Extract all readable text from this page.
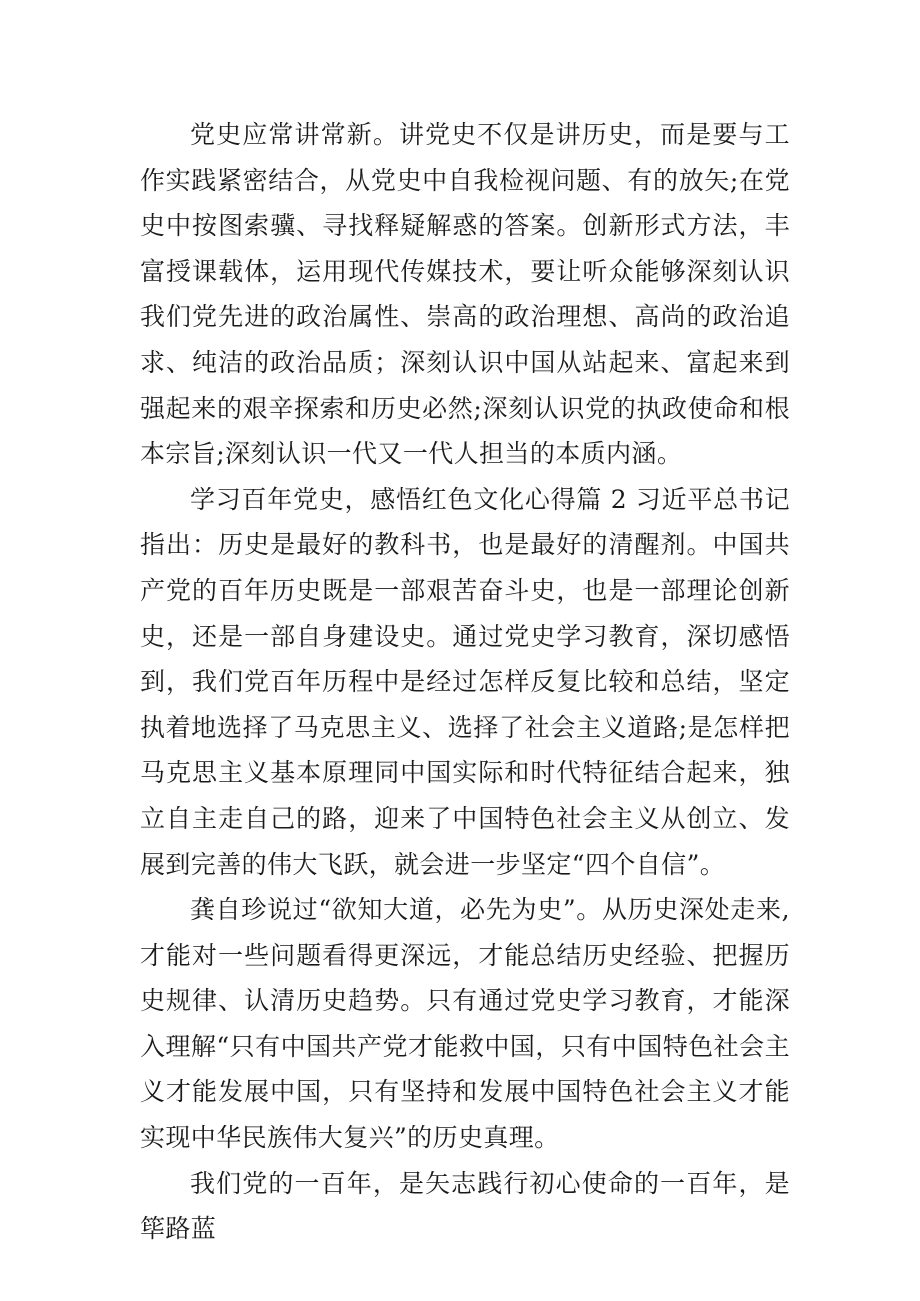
党史应常讲常新。讲党史不仅是讲历史，而是要与工作实践紧密结合，从党史中自我检视问题、有的放矢;在党史中按图索骥、寻找释疑解惑的答案。创新形式方法，丰富授课载体，运用现代传媒技术，要让听众能够深刻认识我们党先进的政治属性、崇高的政治理想、高尚的政治追求、纯洁的政治品质；深刻认识中国从站起来、富起来到强起来的艰辛探索和历史必然;深刻认识党的执政使命和根本宗旨;深刻认识一代又一代人担当的本质内涵。

学习百年党史，感悟红色文化心得篇 2 习近平总书记指出：历史是最好的教科书，也是最好的清醒剂。中国共产党的百年历史既是一部艰苦奋斗史，也是一部理论创新史，还是一部自身建设史。通过党史学习教育，深切感悟到，我们党百年历程中是经过怎样反复比较和总结，坚定执着地选择了马克思主义、选择了社会主义道路;是怎样把马克思主义基本原理同中国实际和时代特征结合起来，独立自主走自己的路，迎来了中国特色社会主义从创立、发展到完善的伟大飞跃，就会进一步坚定“四个自信”。

龚自珍说过“欲知大道，必先为史”。从历史深处走来,才能对一些问题看得更深远，才能总结历史经验、把握历史规律、认清历史趋势。只有通过党史学习教育，才能深入理解“只有中国共产党才能救中国，只有中国特色社会主义才能发展中国，只有坚持和发展中国特色社会主义才能实现中华民族伟大复兴”的历史真理。

我们党的一百年，是矢志践行初心使命的一百年，是筚路蓝
